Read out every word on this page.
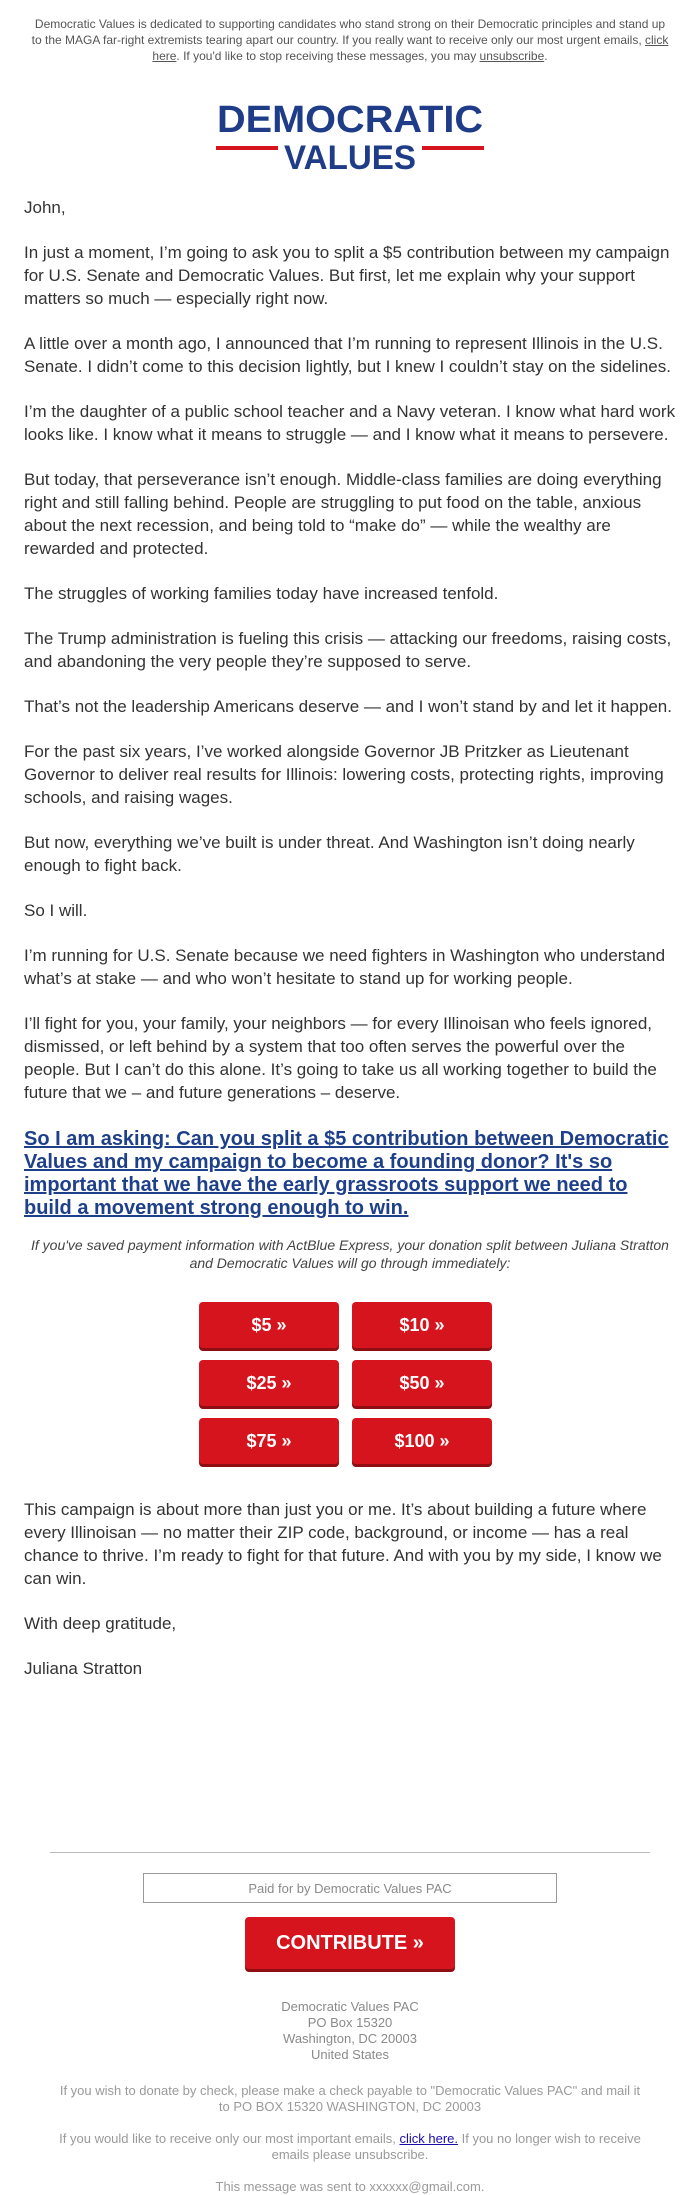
Democratic Values is dedicated to supporting candidates who stand strong on their Democratic principles and stand up to the MAGA far-right extremists tearing apart our country. If you really want to receive only our most urgent emails, click here. If you'd like to stop receiving these messages, you may unsubscribe.
DEMOCRATIC
VALUES

John,

In just a moment, I’m going to ask you to split a $5 contribution between my campaign for U.S. Senate and Democratic Values. But first, let me explain why your support matters so much — especially right now.

A little over a month ago, I announced that I’m running to represent Illinois in the U.S. Senate. I didn’t come to this decision lightly, but I knew I couldn’t stay on the sidelines.

I’m the daughter of a public school teacher and a Navy veteran. I know what hard work looks like. I know what it means to struggle — and I know what it means to persevere.

But today, that perseverance isn’t enough. Middle-class families are doing everything right and still falling behind. People are struggling to put food on the table, anxious about the next recession, and being told to “make do” — while the wealthy are rewarded and protected.

The struggles of working families today have increased tenfold.

The Trump administration is fueling this crisis — attacking our freedoms, raising costs, and abandoning the very people they’re supposed to serve.

That’s not the leadership Americans deserve — and I won’t stand by and let it happen.

For the past six years, I’ve worked alongside Governor JB Pritzker as Lieutenant Governor to deliver real results for Illinois: lowering costs, protecting rights, improving schools, and raising wages.

But now, everything we’ve built is under threat. And Washington isn’t doing nearly enough to fight back.

So I will.

I’m running for U.S. Senate because we need fighters in Washington who understand what’s at stake — and who won’t hesitate to stand up for working people.

I’ll fight for you, your family, your neighbors — for every Illinoisan who feels ignored, dismissed, or left behind by a system that too often serves the powerful over the people. But I can’t do this alone. It’s going to take us all working together to build the future that we – and future generations – deserve.

So I am asking: Can you split a $5 contribution between Democratic Values and my campaign to become a founding donor? It's so important that we have the early grassroots support we need to build a movement strong enough to win.
If you've saved payment information with ActBlue Express, your donation split between Juliana Stratton and Democratic Values will go through immediately:
$5 »	$10 »
$25 »	$50 »
$75 »	$100 »

This campaign is about more than just you or me. It’s about building a future where every Illinoisan — no matter their ZIP code, background, or income — has a real chance to thrive. I’m ready to fight for that future. And with you by my side, I know we can win.

With deep gratitude,

Juliana Stratton

Paid for by Democratic Values PAC
CONTRIBUTE »
Democratic Values PAC
PO Box 15320
Washington, DC 20003
United States
If you wish to donate by check, please make a check payable to "Democratic Values PAC" and mail it to PO BOX 15320 WASHINGTON, DC 20003
If you would like to receive only our most important emails, click here. If you no longer wish to receive emails please unsubscribe.
This message was sent to xxxxxx@gmail.com.
